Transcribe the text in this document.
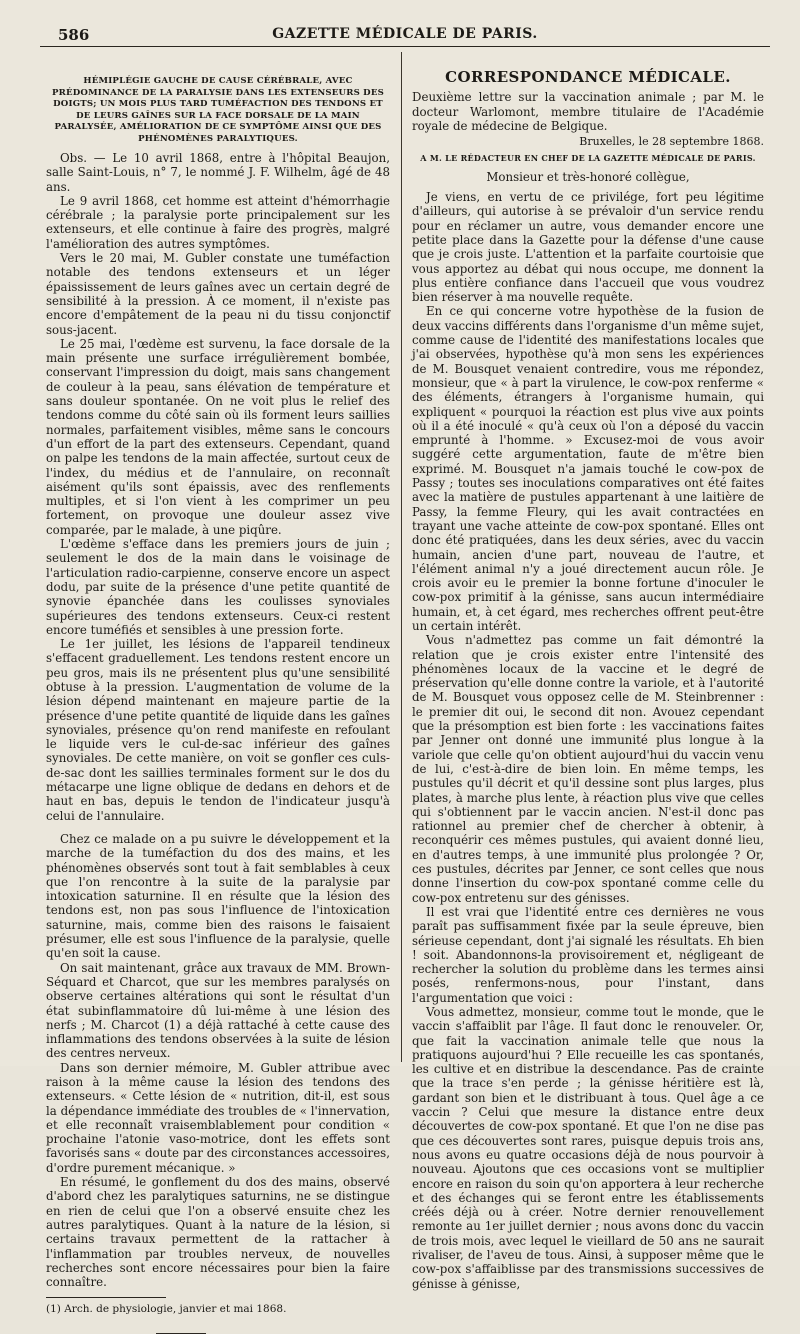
586	GAZETTE MÉDICALE DE PARIS.
HÉMIPLÉGIE GAUCHE DE CAUSE CÉRÉBRALE, AVEC PRÉDOMINANCE DE LA PARALYSIE DANS LES EXTENSEURS DES DOIGTS; UN MOIS PLUS TARD TUMÉFACTION DES TENDONS ET DE LEURS GAÎNES SUR LA FACE DORSALE DE LA MAIN PARALYSÉE, AMÉLIORATION DE CE SYMPTÔME AINSI QUE DES PHÉNOMÈNES PARALYTIQUES.

Obs. — Le 10 avril 1868, entre à l'hôpital Beaujon, salle Saint-Louis, n° 7, le nommé J. F. Wilhelm, âgé de 48 ans.

Le 9 avril 1868, cet homme est atteint d'hémorrhagie cérébrale ; la paralysie porte principalement sur les extenseurs, et elle continue à faire des progrès, malgré l'amélioration des autres symptômes.

Vers le 20 mai, M. Gubler constate une tuméfaction notable des tendons extenseurs et un léger épaississement de leurs gaînes avec un certain degré de sensibilité à la pression. À ce moment, il n'existe pas encore d'empâtement de la peau ni du tissu conjonctif sous-jacent.

Le 25 mai, l'œdème est survenu, la face dorsale de la main présente une surface irrégulièrement bombée, conservant l'impression du doigt, mais sans changement de couleur à la peau, sans élévation de température et sans douleur spontanée. On ne voit plus le relief des tendons comme du côté sain où ils forment leurs saillies normales, parfaitement visibles, même sans le concours d'un effort de la part des extenseurs. Cependant, quand on palpe les tendons de la main affectée, surtout ceux de l'index, du médius et de l'annulaire, on reconnaît aisément qu'ils sont épaissis, avec des renflements multiples, et si l'on vient à les comprimer un peu fortement, on provoque une douleur assez vive comparée, par le malade, à une piqûre.

L'œdème s'efface dans les premiers jours de juin ; seulement le dos de la main dans le voisinage de l'articulation radio-carpienne, conserve encore un aspect dodu, par suite de la présence d'une petite quantité de synovie épanchée dans les coulisses synoviales supérieures des tendons extenseurs. Ceux-ci restent encore tuméfiés et sensibles à une pression forte.

Le 1er juillet, les lésions de l'appareil tendineux s'effacent graduellement. Les tendons restent encore un peu gros, mais ils ne présentent plus qu'une sensibilité obtuse à la pression. L'augmentation de volume de la lésion dépend maintenant en majeure partie de la présence d'une petite quantité de liquide dans les gaînes synoviales, présence qu'on rend manifeste en refoulant le liquide vers le cul-de-sac inférieur des gaînes synoviales. De cette manière, on voit se gonfler ces culs-de-sac dont les saillies terminales forment sur le dos du métacarpe une ligne oblique de dedans en dehors et de haut en bas, depuis le tendon de l'indicateur jusqu'à celui de l'annulaire.

Chez ce malade on a pu suivre le développement et la marche de la tuméfaction du dos des mains, et les phénomènes observés sont tout à fait semblables à ceux que l'on rencontre à la suite de la paralysie par intoxication saturnine. Il en résulte que la lésion des tendons est, non pas sous l'influence de l'intoxication saturnine, mais, comme bien des raisons le faisaient présumer, elle est sous l'influence de la paralysie, quelle qu'en soit la cause.

On sait maintenant, grâce aux travaux de MM. Brown-Séquard et Charcot, que sur les membres paralysés on observe certaines altérations qui sont le résultat d'un état subinflammatoire dû lui-même à une lésion des nerfs ; M. Charcot (1) a déjà rattaché à cette cause des inflammations des tendons observées à la suite de lésion des centres nerveux.

Dans son dernier mémoire, M. Gubler attribue avec raison à la même cause la lésion des tendons des extenseurs. « Cette lésion de « nutrition, dit-il, est sous la dépendance immédiate des troubles de « l'innervation, et elle reconnaît vraisemblablement pour condition « prochaine l'atonie vaso-motrice, dont les effets sont favorisés sans « doute par des circonstances accessoires, d'ordre purement mécanique. »

En résumé, le gonflement du dos des mains, observé d'abord chez les paralytiques saturnins, ne se distingue en rien de celui que l'on a observé ensuite chez les autres paralytiques. Quant à la nature de la lésion, si certains travaux permettent de la rattacher à l'inflammation par troubles nerveux, de nouvelles recherches sont encore nécessaires pour bien la faire connaître.

(1) Arch. de physiologie, janvier et mai 1868.

CORRESPONDANCE MÉDICALE.

Deuxième lettre sur la vaccination animale ; par M. le docteur Warlomont, membre titulaire de l'Académie royale de médecine de Belgique.

Bruxelles, le 28 septembre 1868.
A M. LE RÉDACTEUR EN CHEF DE LA GAZETTE MÉDICALE DE PARIS.
Monsieur et très-honoré collègue,

Je viens, en vertu de ce privilége, fort peu légitime d'ailleurs, qui autorise à se prévaloir d'un service rendu pour en réclamer un autre, vous demander encore une petite place dans la Gazette pour la défense d'une cause que je crois juste. L'attention et la parfaite courtoisie que vous apportez au débat qui nous occupe, me donnent la plus entière confiance dans l'accueil que vous voudrez bien réserver à ma nouvelle requête.

En ce qui concerne votre hypothèse de la fusion de deux vaccins différents dans l'organisme d'un même sujet, comme cause de l'identité des manifestations locales que j'ai observées, hypothèse qu'à mon sens les expériences de M. Bousquet venaient contredire, vous me répondez, monsieur, que « à part la virulence, le cow-pox renferme « des éléments, étrangers à l'organisme humain, qui expliquent « pourquoi la réaction est plus vive aux points où il a été inoculé « qu'à ceux où l'on a déposé du vaccin emprunté à l'homme. » Excusez-moi de vous avoir suggéré cette argumentation, faute de m'être bien exprimé. M. Bousquet n'a jamais touché le cow-pox de Passy ; toutes ses inoculations comparatives ont été faites avec la matière de pustules appartenant à une laitière de Passy, la femme Fleury, qui les avait contractées en trayant une vache atteinte de cow-pox spontané. Elles ont donc été pratiquées, dans les deux séries, avec du vaccin humain, ancien d'une part, nouveau de l'autre, et l'élément animal n'y a joué directement aucun rôle. Je crois avoir eu le premier la bonne fortune d'inoculer le cow-pox primitif à la génisse, sans aucun intermédiaire humain, et, à cet égard, mes recherches offrent peut-être un certain intérêt.

Vous n'admettez pas comme un fait démontré la relation que je crois exister entre l'intensité des phénomènes locaux de la vaccine et le degré de préservation qu'elle donne contre la variole, et à l'autorité de M. Bousquet vous opposez celle de M. Steinbrenner : le premier dit oui, le second dit non. Avouez cependant que la présomption est bien forte : les vaccinations faites par Jenner ont donné une immunité plus longue à la variole que celle qu'on obtient aujourd'hui du vaccin venu de lui, c'est-à-dire de bien loin. En même temps, les pustules qu'il décrit et qu'il dessine sont plus larges, plus plates, à marche plus lente, à réaction plus vive que celles qui s'obtiennent par le vaccin ancien. N'est-il donc pas rationnel au premier chef de chercher à obtenir, à reconquérir ces mêmes pustules, qui avaient donné lieu, en d'autres temps, à une immunité plus prolongée ? Or, ces pustules, décrites par Jenner, ce sont celles que nous donne l'insertion du cow-pox spontané comme celle du cow-pox entretenu sur des génisses.

Il est vrai que l'identité entre ces dernières ne vous paraît pas suffisamment fixée par la seule épreuve, bien sérieuse cependant, dont j'ai signalé les résultats. Eh bien ! soit. Abandonnons-la provisoirement et, négligeant de rechercher la solution du problème dans les termes ainsi posés, renfermons-nous, pour l'instant, dans l'argumentation que voici :

Vous admettez, monsieur, comme tout le monde, que le vaccin s'affaiblit par l'âge. Il faut donc le renouveler. Or, que fait la vaccination animale telle que nous la pratiquons aujourd'hui ? Elle recueille les cas spontanés, les cultive et en distribue la descendance. Pas de crainte que la trace s'en perde ; la génisse héritière est là, gardant son bien et le distribuant à tous. Quel âge a ce vaccin ? Celui que mesure la distance entre deux découvertes de cow-pox spontané. Et que l'on ne dise pas que ces découvertes sont rares, puisque depuis trois ans, nous avons eu quatre occasions déjà de nous pourvoir à nouveau. Ajoutons que ces occasions vont se multiplier encore en raison du soin qu'on apportera à leur recherche et des échanges qui se feront entre les établissements créés déjà ou à créer. Notre dernier renouvellement remonte au 1er juillet dernier ; nous avons donc du vaccin de trois mois, avec lequel le vieillard de 50 ans ne saurait rivaliser, de l'aveu de tous. Ainsi, à supposer même que le cow-pox s'affaiblisse par des transmissions successives de génisse à génisse,
